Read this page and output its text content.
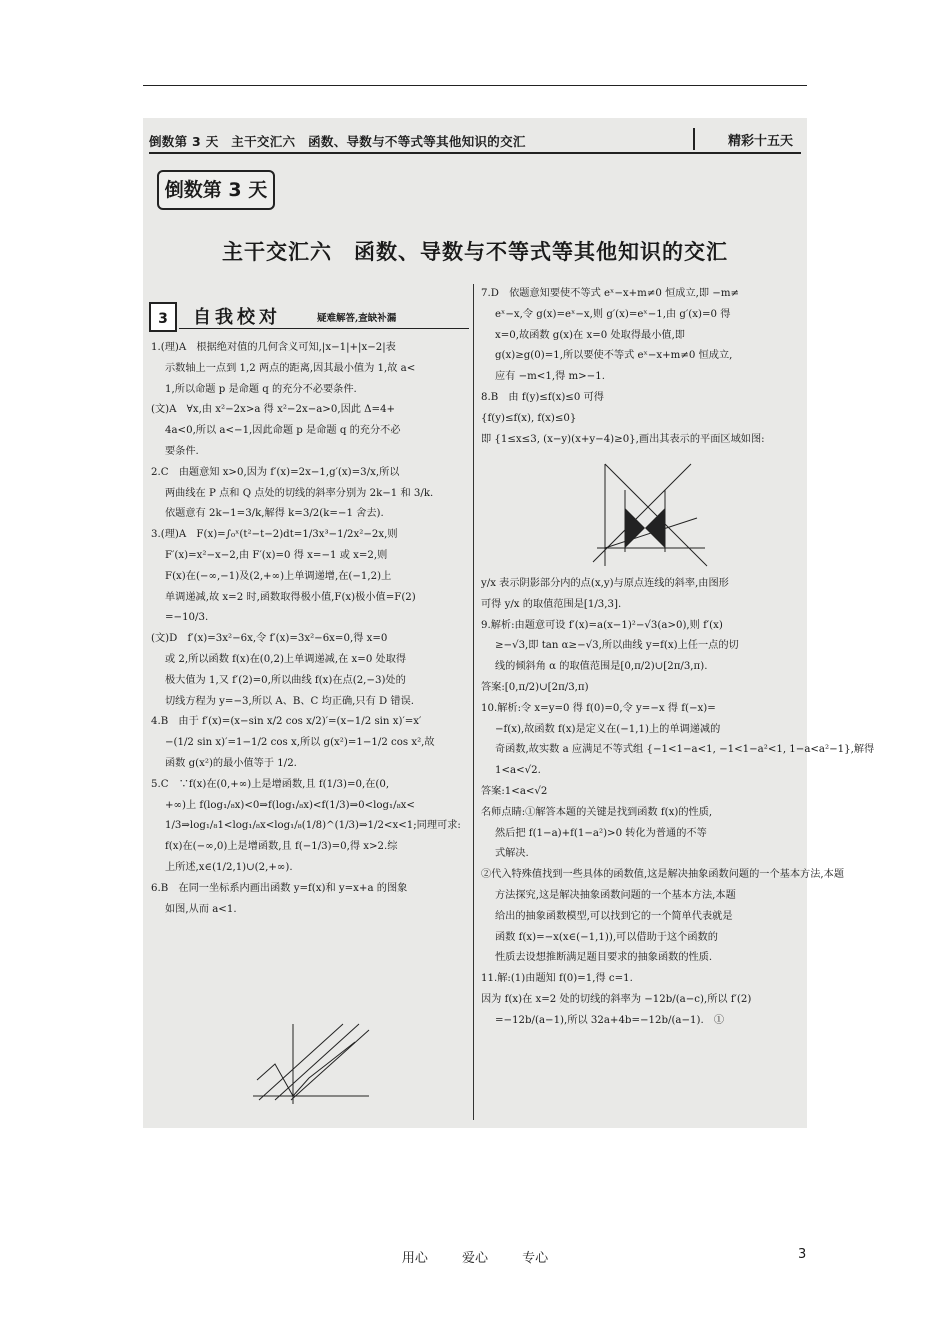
倒数第 3 天　主干交汇六　函数、导数与不等式等其他知识的交汇	精彩十五天
倒数第 3 天
主干交汇六　函数、导数与不等式等其他知识的交汇
3	自我校对	疑难解答,查缺补漏

1.(理)A　根据绝对值的几何含义可知,|x−1|+|x−2|表

示数轴上一点到 1,2 两点的距离,因其最小值为 1,故 a<

1,所以命题 p 是命题 q 的充分不必要条件.

(文)A　∀x,由 x²−2x>a 得 x²−2x−a>0,因此 Δ=4+

4a<0,所以 a<−1,因此命题 p 是命题 q 的充分不必

要条件.

2.C　由题意知 x>0,因为 f′(x)=2x−1,g′(x)=3/x,所以

两曲线在 P 点和 Q 点处的切线的斜率分别为 2k−1 和 3/k.

依题意有 2k−1=3/k,解得 k=3/2(k=−1 舍去).

3.(理)A　F(x)=∫₀ˣ(t²−t−2)dt=1/3x³−1/2x²−2x,则

F′(x)=x²−x−2,由 F′(x)=0 得 x=−1 或 x=2,则

F(x)在(−∞,−1)及(2,+∞)上单调递增,在(−1,2)上

单调递减,故 x=2 时,函数取得极小值,F(x)极小值=F(2)

=−10/3.

(文)D　f′(x)=3x²−6x,令 f′(x)=3x²−6x=0,得 x=0

或 2,所以函数 f(x)在(0,2)上单调递减,在 x=0 处取得

极大值为 1,又 f′(2)=0,所以曲线 f(x)在点(2,−3)处的

切线方程为 y=−3,所以 A、B、C 均正确,只有 D 错误.

4.B　由于 f′(x)=(x−sin x/2 cos x/2)′=(x−1/2 sin x)′=x′

−(1/2 sin x)′=1−1/2 cos x,所以 g(x²)=1−1/2 cos x²,故

函数 g(x²)的最小值等于 1/2.

5.C　∵f(x)在(0,+∞)上是增函数,且 f(1/3)=0,在(0,

+∞)上 f(log₁/₈x)<0⇒f(log₁/₈x)<f(1/3)⇒0<log₁/₈x<

1/3⇒log₁/₈1<log₁/₈x<log₁/₈(1/8)^(1/3)⇒1/2<x<1;同理可求:

f(x)在(−∞,0)上是增函数,且 f(−1/3)=0,得 x>2.综

上所述,x∈(1/2,1)∪(2,+∞).

6.B　在同一坐标系内画出函数 y=f(x)和 y=x+a 的图象

如图,从而 a<1.

7.D　依题意知要使不等式 eˣ−x+m≠0 恒成立,即 −m≠

eˣ−x,令 g(x)=eˣ−x,则 g′(x)=eˣ−1,由 g′(x)=0 得

x=0,故函数 g(x)在 x=0 处取得最小值,即

g(x)≥g(0)=1,所以要使不等式 eˣ−x+m≠0 恒成立,

应有 −m<1,得 m>−1.

8.B　由 f(y)≤f(x)≤0 可得

{f(y)≤f(x), f(x)≤0}

即 {1≤x≤3, (x−y)(x+y−4)≥0},画出其表示的平面区域如图:

y/x 表示阴影部分内的点(x,y)与原点连线的斜率,由图形

可得 y/x 的取值范围是[1/3,3].

9.解析:由题意可设 f′(x)=a(x−1)²−√3(a>0),则 f′(x)

≥−√3,即 tan α≥−√3,所以曲线 y=f(x)上任一点的切

线的倾斜角 α 的取值范围是[0,π/2)∪[2π/3,π).

答案:[0,π/2)∪[2π/3,π)

10.解析:令 x=y=0 得 f(0)=0,令 y=−x 得 f(−x)=

−f(x),故函数 f(x)是定义在(−1,1)上的单调递减的

奇函数,故实数 a 应满足不等式组 {−1<1−a<1, −1<1−a²<1, 1−a<a²−1},解得

1<a<√2.

答案:1<a<√2

名师点睛:①解答本题的关键是找到函数 f(x)的性质,

然后把 f(1−a)+f(1−a²)>0 转化为普通的不等

式解决.

②代入特殊值找到一些具体的函数值,这是解决抽象函数问题的一个基本方法,本题

方法探究,这是解决抽象函数问题的一个基本方法,本题

给出的抽象函数模型,可以找到它的一个简单代表就是

函数 f(x)=−x(x∈(−1,1)),可以借助于这个函数的

性质去设想推断满足题目要求的抽象函数的性质.

11.解:(1)由题知 f(0)=1,得 c=1.

因为 f(x)在 x=2 处的切线的斜率为 −12b/(a−c),所以 f′(2)

=−12b/(a−1),所以 32a+4b=−12b/(a−1).　①

用心	爱心	专心	3
